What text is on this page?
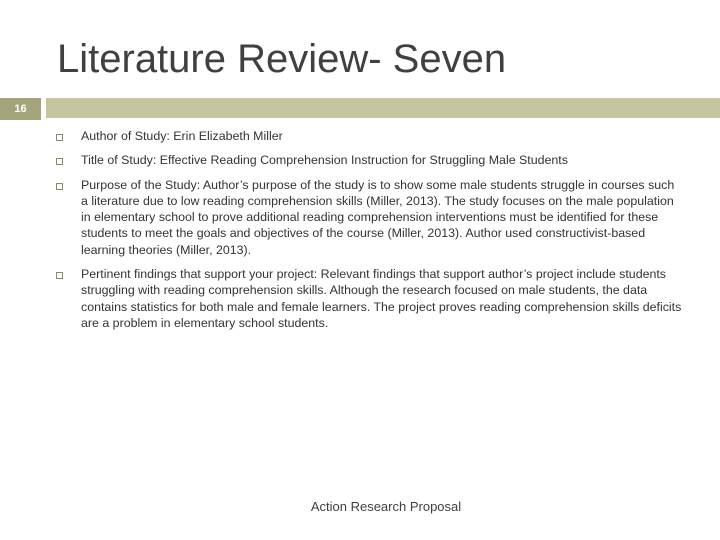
Literature Review- Seven
16
Author of Study: Erin Elizabeth Miller
Title of Study: Effective Reading Comprehension Instruction for Struggling Male Students
Purpose of the Study: Author’s purpose of the study is to show some male students struggle in courses such a literature due to low reading comprehension skills (Miller, 2013). The study focuses on the male population in elementary school to prove additional reading comprehension interventions must be identified for these students to meet the goals and objectives of the course (Miller, 2013). Author used constructivist-based learning theories (Miller, 2013).
Pertinent findings that support your project: Relevant findings that support author’s project include students struggling with reading comprehension skills. Although the research focused on male students, the data contains statistics for both male and female learners. The project proves reading comprehension skills deficits are a problem in elementary school students.
Action Research Proposal
